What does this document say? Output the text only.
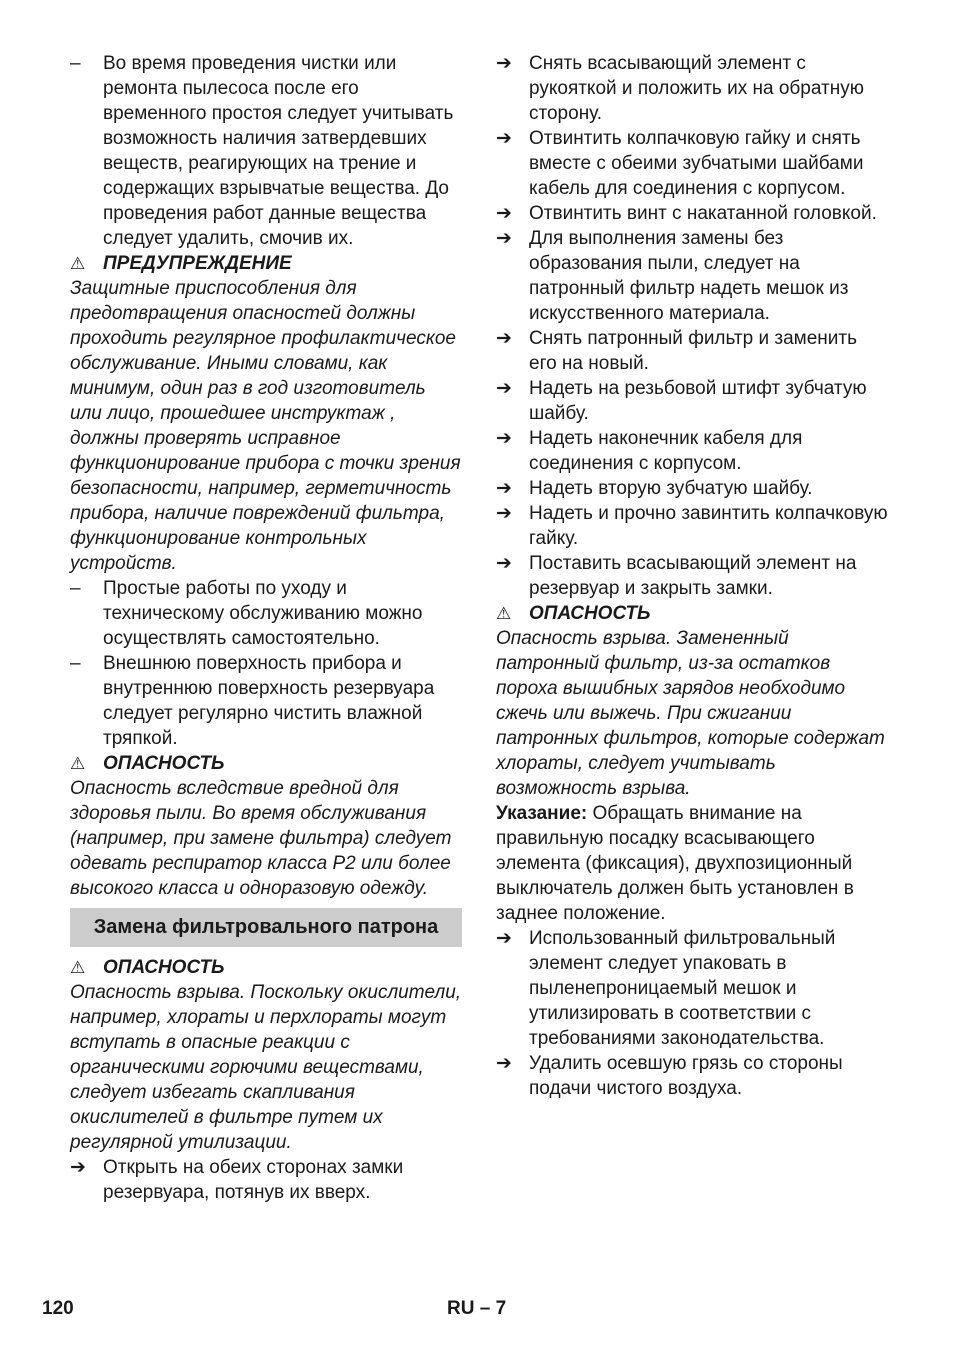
– Во время проведения чистки или ремонта пылесоса после его временного простоя следует учитывать возможность наличия затвердевших веществ, реагирующих на трение и содержащих взрывчатые вещества. До проведения работ данные вещества следует удалить, смочив их.
⚠ ПРЕДУПРЕЖДЕНИЕ
Защитные приспособления для предотвращения опасностей должны проходить регулярное профилактическое обслуживание. Иными словами, как минимум, один раз в год изготовитель или лицо, прошедшее инструктаж , должны проверять исправное функционирование прибора с точки зрения безопасности, например, герметичность прибора, наличие повреждений фильтра, функционирование контрольных устройств.
– Простые работы по уходу и техническому обслуживанию можно осуществлять самостоятельно.
– Внешнюю поверхность прибора и внутреннюю поверхность резервуара следует регулярно чистить влажной тряпкой.
⚠ ОПАСНОСТЬ
Опасность вследствие вредной для здоровья пыли. Во время обслуживания (например, при замене фильтра) следует одевать респиратор класса P2 или более высокого класса и одноразовую одежду.
Замена фильтровального патрона
⚠ ОПАСНОСТЬ
Опасность взрыва. Поскольку окислители, например, хлораты и перхлораты могут вступать в опасные реакции с органическими горючими веществами, следует избегать скапливания окислителей в фильтре путем их регулярной утилизации.
➔ Открыть на обеих сторонах замки резервуара, потянув их вверх.
➔ Снять всасывающий элемент с рукояткой и положить их на обратную сторону.
➔ Отвинтить колпачковую гайку и снять вместе с обеими зубчатыми шайбами кабель для соединения с корпусом.
➔ Отвинтить винт с накатанной головкой.
➔ Для выполнения замены без образования пыли, следует на патронный фильтр надеть мешок из искусственного материала.
➔ Снять патронный фильтр и заменить его на новый.
➔ Надеть на резьбовой штифт зубчатую шайбу.
➔ Надеть наконечник кабеля для соединения с корпусом.
➔ Надеть вторую зубчатую шайбу.
➔ Надеть и прочно завинтить колпачковую гайку.
➔ Поставить всасывающий элемент на резервуар и закрыть замки.
⚠ ОПАСНОСТЬ
Опасность взрыва. Замененный патронный фильтр, из-за остатков пороха вышибных зарядов необходимо сжечь или выжечь. При сжигании патронных фильтров, которые содержат хлораты, следует учитывать возможность взрыва.
Указание: Обращать внимание на правильную посадку всасывающего элемента (фиксация), двухпозиционный выключатель должен быть установлен в заднее положение.
➔ Использованный фильтровальный элемент следует упаковать в пыленепроницаемый мешок и утилизировать в соответствии с требованиями законодательства.
➔ Удалить осевшую грязь со стороны подачи чистого воздуха.
120	RU – 7
